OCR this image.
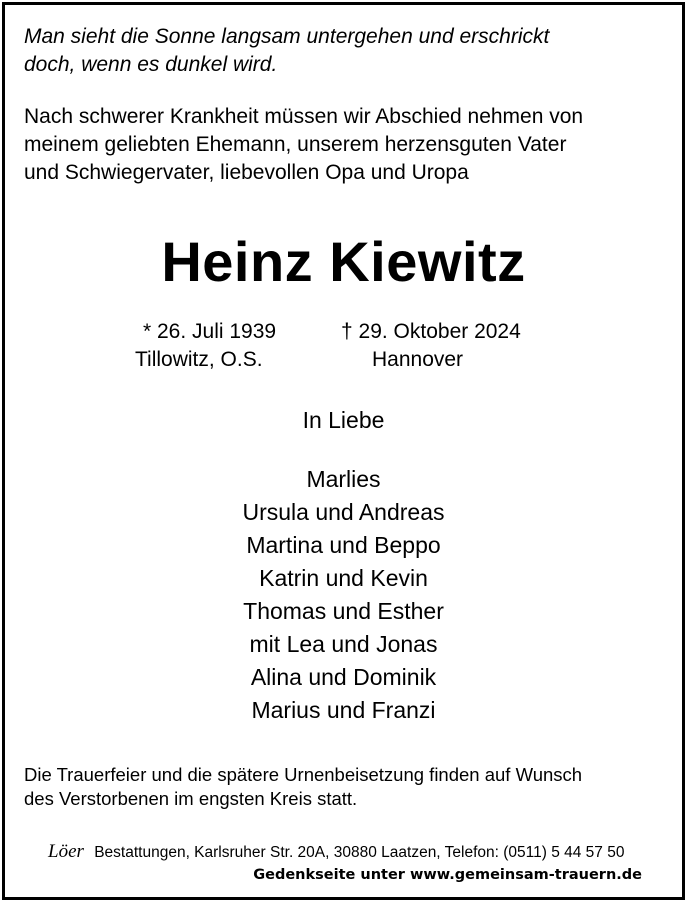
Man sieht die Sonne langsam untergehen und erschrickt
doch, wenn es dunkel wird.
Nach schwerer Krankheit müssen wir Abschied nehmen von
meinem geliebten Ehemann, unserem herzensguten Vater
und Schwiegervater, liebevollen Opa und Uropa
Heinz Kiewitz
* 26. Juli 1939
Tillowitz, O.S.
† 29. Oktober 2024
Hannover
In Liebe
Marlies
Ursula und Andreas
Martina und Beppo
Katrin und Kevin
Thomas und Esther
mit Lea und Jonas
Alina und Dominik
Marius und Franzi
Die Trauerfeier und die spätere Urnenbeisetzung finden auf Wunsch
des Verstorbenen im engsten Kreis statt.
Löer Bestattungen, Karlsruher Str. 20A, 30880 Laatzen, Telefon: (0511) 5 44 57 50
Gedenkseite unter www.gemeinsam-trauern.de
